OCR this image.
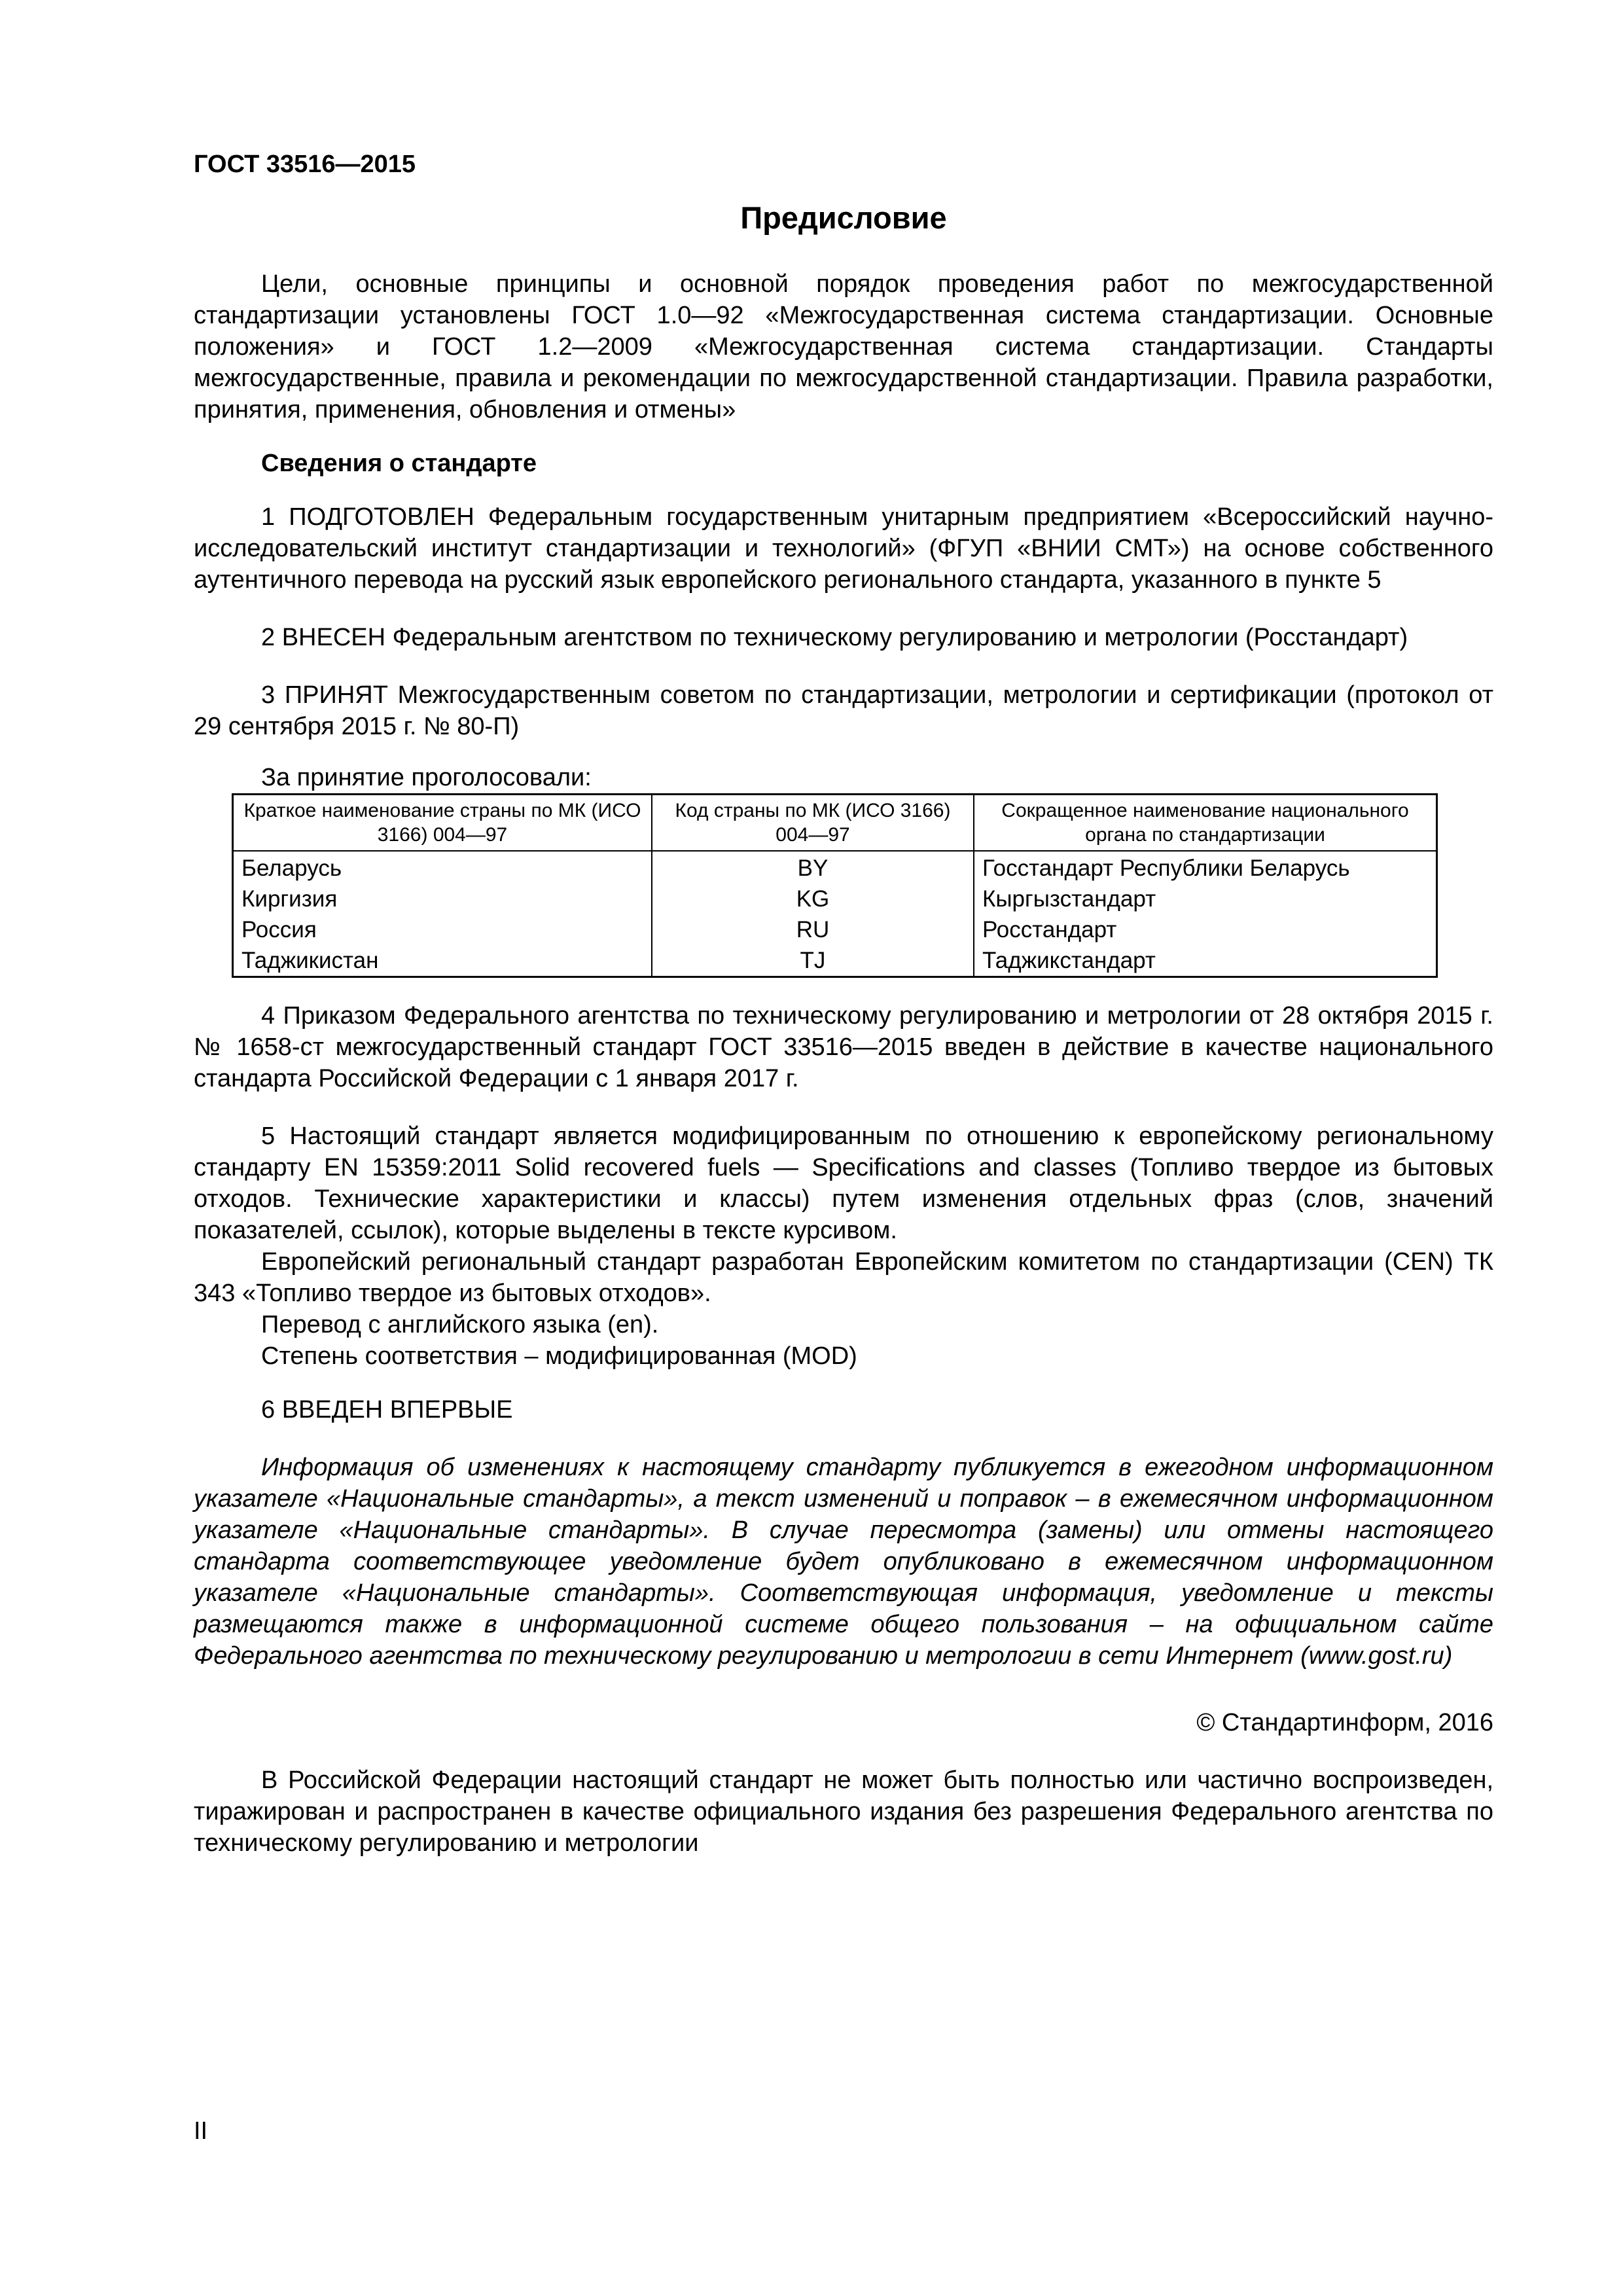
ГОСТ 33516—2015
Предисловие

Цели, основные принципы и основной порядок проведения работ по межгосударственной стандартизации установлены ГОСТ 1.0—92 «Межгосударственная система стандартизации. Основные положения» и ГОСТ 1.2—2009 «Межгосударственная система стандартизации. Стандарты межгосударственные, правила и рекомендации по межгосударственной стандартизации. Правила разработки, принятия, применения, обновления и отмены»

Сведения о стандарте

1 ПОДГОТОВЛЕН Федеральным государственным унитарным предприятием «Всероссийский научно-исследовательский институт стандартизации и технологий» (ФГУП «ВНИИ СМТ») на основе собственного аутентичного перевода на русский язык европейского регионального стандарта, указанного в пункте 5

2 ВНЕСЕН Федеральным агентством по техническому регулированию и метрологии (Росстандарт)

3 ПРИНЯТ Межгосударственным советом по стандартизации, метрологии и сертификации (протокол от 29 сентября 2015 г. № 80-П)

За принятие проголосовали:

Краткое наименование страны по МК (ИСО 3166) 004—97	Код страны по МК (ИСО 3166) 004—97	Сокращенное наименование национального органа по стандартизации
Беларусь	BY	Госстандарт Республики Беларусь
Киргизия	KG	Кыргызстандарт
Россия	RU	Росстандарт
Таджикистан	TJ	Таджикстандарт

4 Приказом Федерального агентства по техническому регулированию и метрологии от 28 октября 2015 г. № 1658-ст межгосударственный стандарт ГОСТ 33516—2015 введен в действие в качестве национального стандарта Российской Федерации с 1 января 2017 г.

5 Настоящий стандарт является модифицированным по отношению к европейскому региональному стандарту EN 15359:2011 Solid recovered fuels — Specifications and classes (Топливо твердое из бытовых отходов. Технические характеристики и классы) путем изменения отдельных фраз (слов, значений показателей, ссылок), которые выделены в тексте курсивом.

Европейский региональный стандарт разработан Европейским комитетом по стандартизации (CEN) ТК 343 «Топливо твердое из бытовых отходов».

Перевод с английского языка (en).

Степень соответствия – модифицированная (MOD)

6 ВВЕДЕН ВПЕРВЫЕ

Информация об изменениях к настоящему стандарту публикуется в ежегодном информационном указателе «Национальные стандарты», а текст изменений и поправок – в ежемесячном информационном указателе «Национальные стандарты». В случае пересмотра (замены) или отмены настоящего стандарта соответствующее уведомление будет опубликовано в ежемесячном информационном указателе «Национальные стандарты». Соответствующая информация, уведомление и тексты размещаются также в информационной системе общего пользования – на официальном сайте Федерального агентства по техническому регулированию и метрологии в сети Интернет (www.gost.ru)

© Стандартинформ, 2016

В Российской Федерации настоящий стандарт не может быть полностью или частично воспроизведен, тиражирован и распространен в качестве официального издания без разрешения Федерального агентства по техническому регулированию и метрологии

II
